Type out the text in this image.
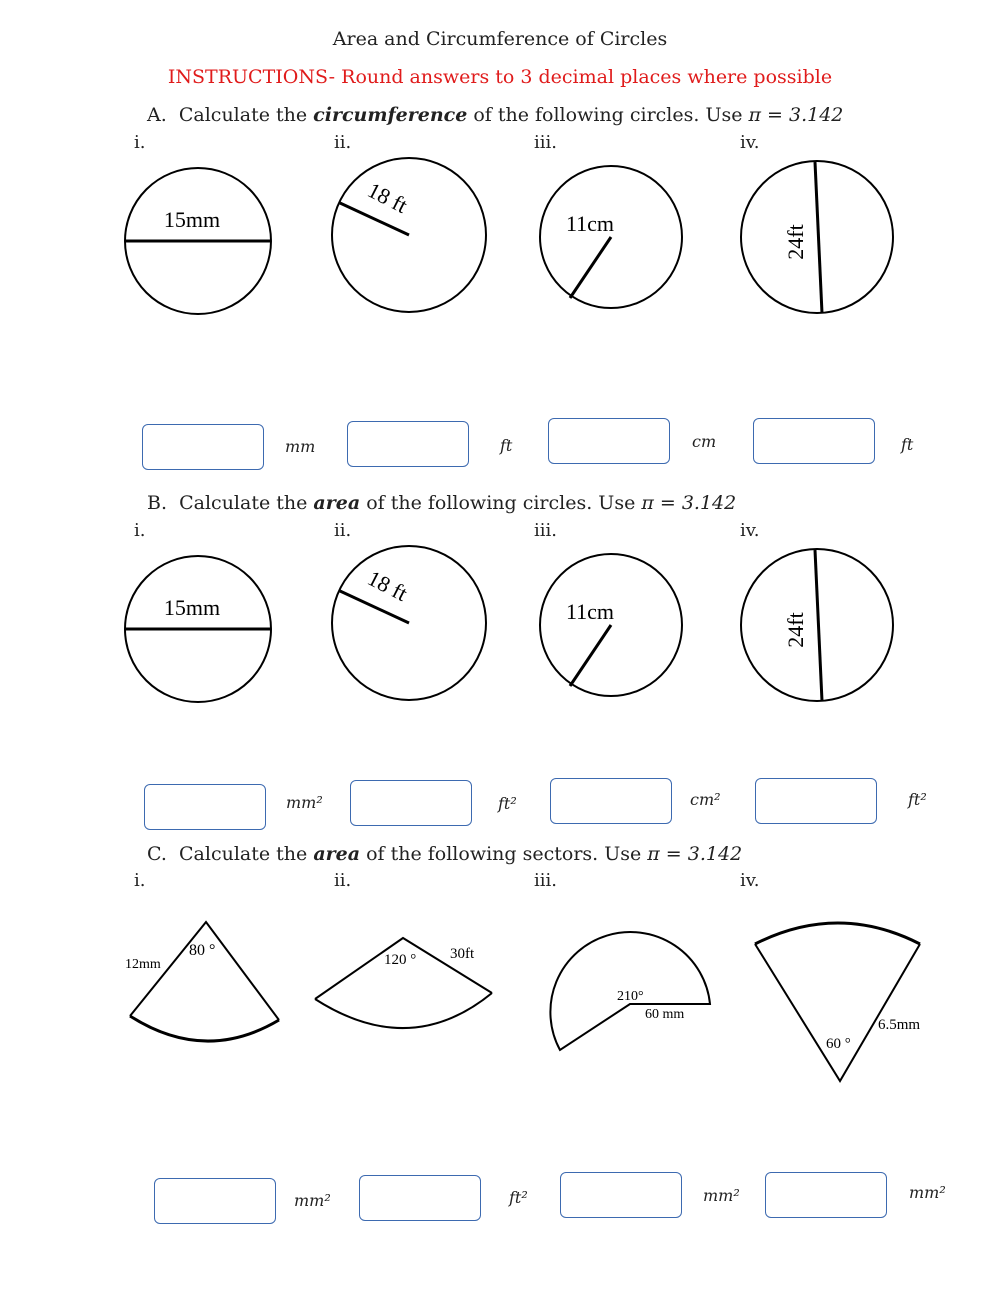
Area and Circumference of Circles
INSTRUCTIONS- Round answers to 3 decimal places where possible
A. Calculate the circumference of the following circles. Use π = 3.142
i.	ii.	iii.	iv.
15mm
18 ft
11cm
24ft
mm	ft	cm	ft
B. Calculate the area of the following circles. Use π = 3.142
i.	ii.	iii.	iv.
15mm
18 ft
11cm
24ft
mm²	ft²	cm²	ft²
C. Calculate the area of the following sectors. Use π = 3.142
i.	ii.	iii.	iv.
12mm
80 °	30ft
120 °
210°
60 mm
6.5mm
60 °
mm²	ft²	mm²	mm²
